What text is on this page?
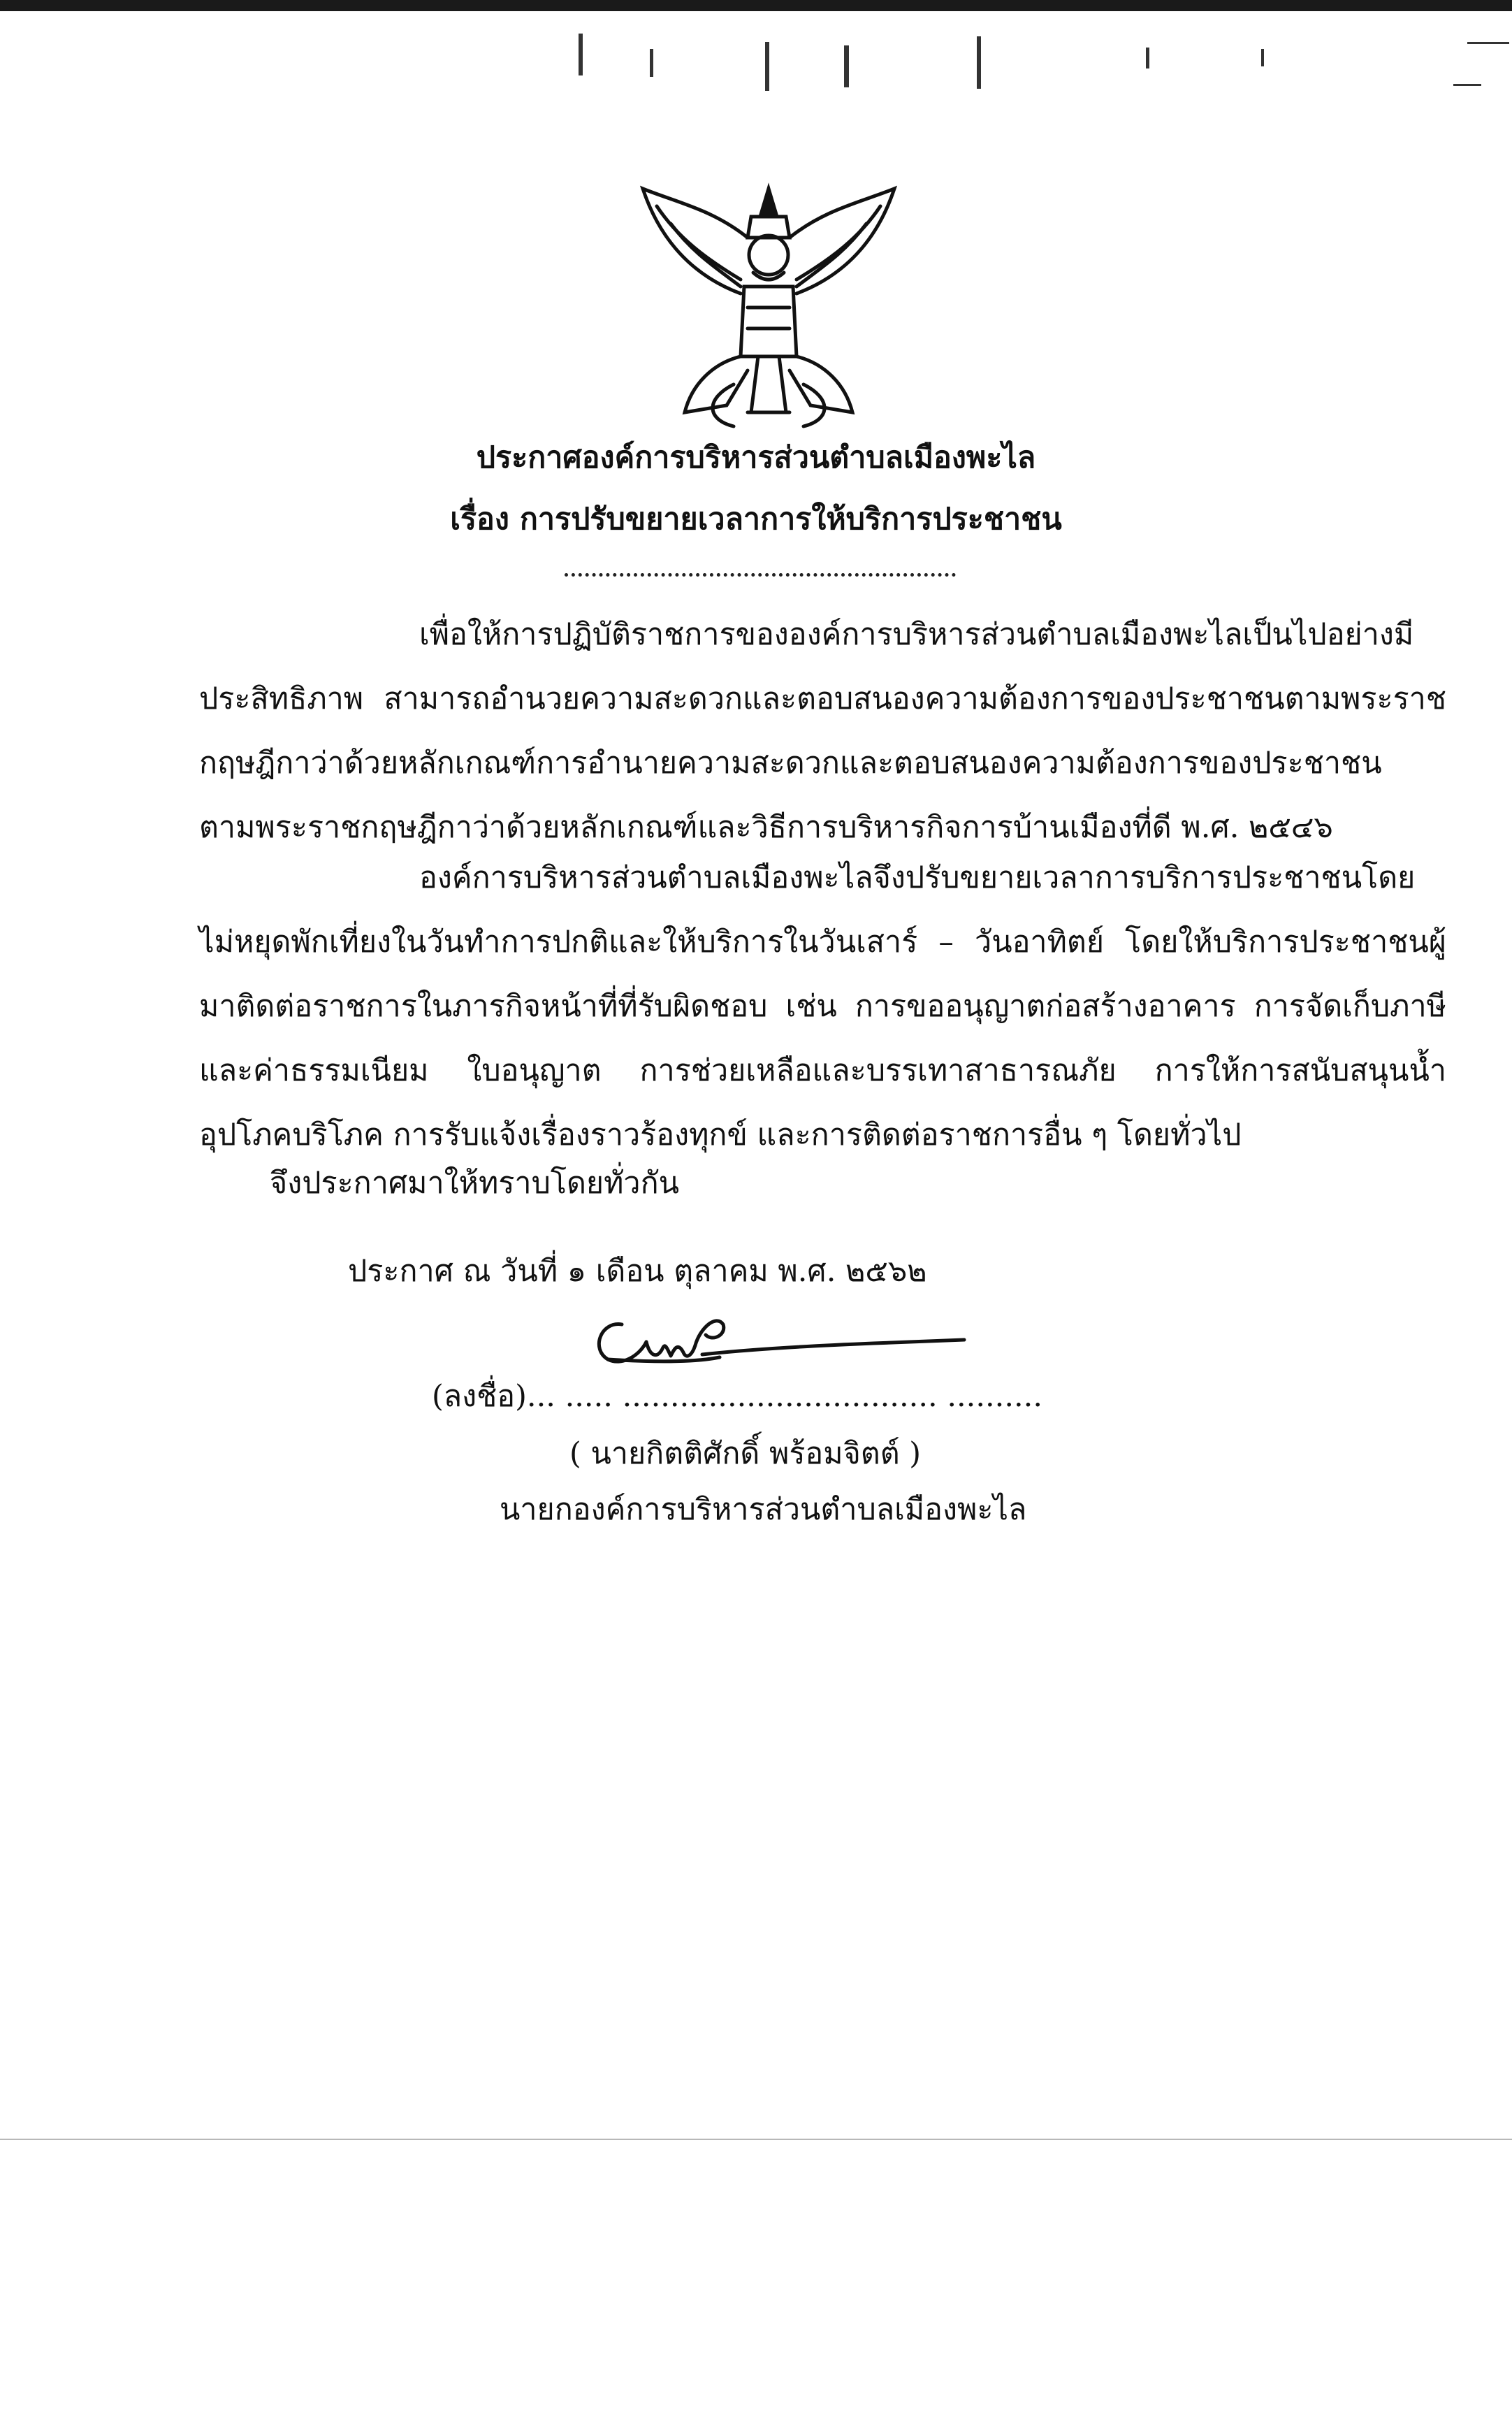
ประกาศองค์การบริหารส่วนตำบลเมืองพะไล
เรื่อง การปรับขยายเวลาการให้บริการประชาชน
เพื่อให้การปฏิบัติราชการขององค์การบริหารส่วนตำบลเมืองพะไลเป็นไปอย่างมีประสิทธิภาพ สามารถอำนวยความสะดวกและตอบสนองความต้องการของประชาชนตามพระราชกฤษฎีกาว่าด้วยหลักเกณฑ์การอำนายความสะดวกและตอบสนองความต้องการของประชาชนตามพระราชกฤษฎีกาว่าด้วยหลักเกณฑ์และวิธีการบริหารกิจการบ้านเมืองที่ดี พ.ศ. ๒๕๔๖
องค์การบริหารส่วนตำบลเมืองพะไลจึงปรับขยายเวลาการบริการประชาชนโดยไม่หยุดพักเที่ยงในวันทำการปกติและให้บริการในวันเสาร์ – วันอาทิตย์ โดยให้บริการประชาชนผู้มาติดต่อราชการในภารกิจหน้าที่ที่รับผิดชอบ เช่น การขออนุญาตก่อสร้างอาคาร การจัดเก็บภาษีและค่าธรรมเนียม ใบอนุญาต การช่วยเหลือและบรรเทาสาธารณภัย การให้การสนับสนุนน้ำอุปโภคบริโภค การรับแจ้งเรื่องราวร้องทุกข์ และการติดต่อราชการอื่น ๆ โดยทั่วไป
จึงประกาศมาให้ทราบโดยทั่วกัน
ประกาศ ณ วันที่ ๑ เดือน ตุลาคม พ.ศ. ๒๕๖๒
(ลงชื่อ)... ..... ................................. ..........
( นายกิตติศักดิ์ พร้อมจิตต์ )
นายกองค์การบริหารส่วนตำบลเมืองพะไล
